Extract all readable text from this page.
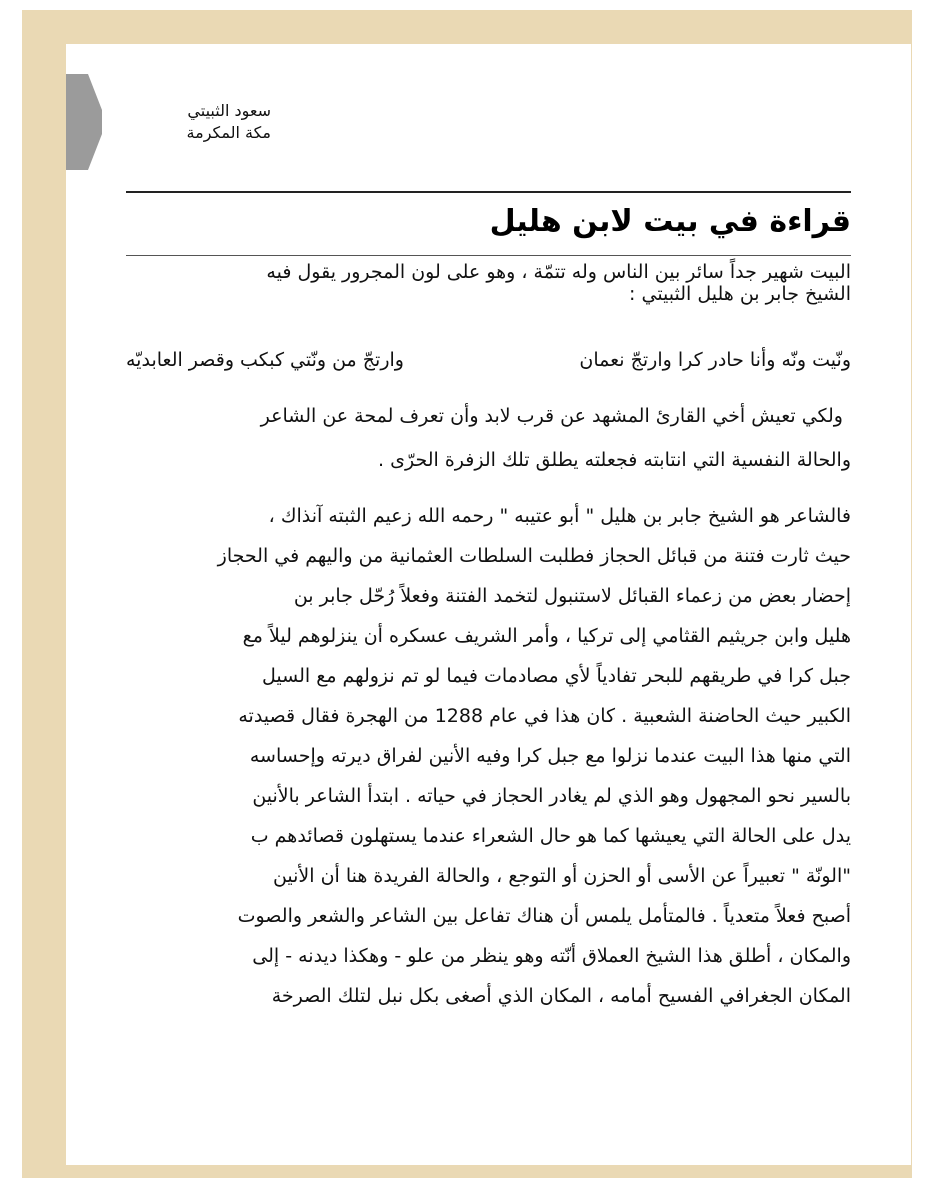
سعود الثبيتي
مكة المكرمة
قراءة في بيت لابن هليل
البيت شهير جداً سائر بين الناس وله تتمّة ، وهو على لون المجرور يقول فيه
الشيخ جابر بن هليل الثبيتي :
ونّيت ونّه وأنا حادر كرا وارتجّ نعمان
وارتجّ من ونّتي كبكب وقصر العابديّه
ولكي تعيش أخي القارئ المشهد عن قرب لابد وأن تعرف لمحة عن الشاعر
والحالة النفسية التي انتابته فجعلته يطلق تلك الزفرة الحرّى .
فالشاعر هو الشيخ جابر بن هليل " أبو عتيبه " رحمه الله زعيم الثبته آنذاك ،
حيث ثارت فتنة من قبائل الحجاز فطلبت السلطات العثمانية من واليهم في الحجاز
إحضار بعض من زعماء القبائل لاستنبول لتخمد الفتنة وفعلاً رُحّل جابر بن
هليل وابن جريثيم القثامي إلى تركيا ، وأمر الشريف عسكره أن ينزلوهم ليلاً مع
جبل كرا في طريقهم للبحر تفادياً لأي مصادمات فيما لو تم نزولهم مع السيل
الكبير حيث الحاضنة الشعبية . كان هذا في عام 1288 من الهجرة فقال قصيدته
التي منها هذا البيت عندما نزلوا مع جبل كرا وفيه الأنين لفراق ديرته وإحساسه
بالسير نحو المجهول وهو الذي لم يغادر الحجاز في حياته . ابتدأ الشاعر بالأنين
يدل على الحالة التي يعيشها كما هو حال الشعراء عندما يستهلون قصائدهم ب
"الونّة " تعبيراً عن الأسى أو الحزن أو التوجع ، والحالة الفريدة هنا أن الأنين
أصبح فعلاً متعدياً . فالمتأمل يلمس أن هناك تفاعل بين الشاعر والشعر والصوت
والمكان ، أطلق هذا الشيخ العملاق أنّته وهو ينظر من علو - وهكذا ديدنه - إلى
المكان الجغرافي الفسيح أمامه ، المكان الذي أصغى بكل نبل لتلك الصرخة
